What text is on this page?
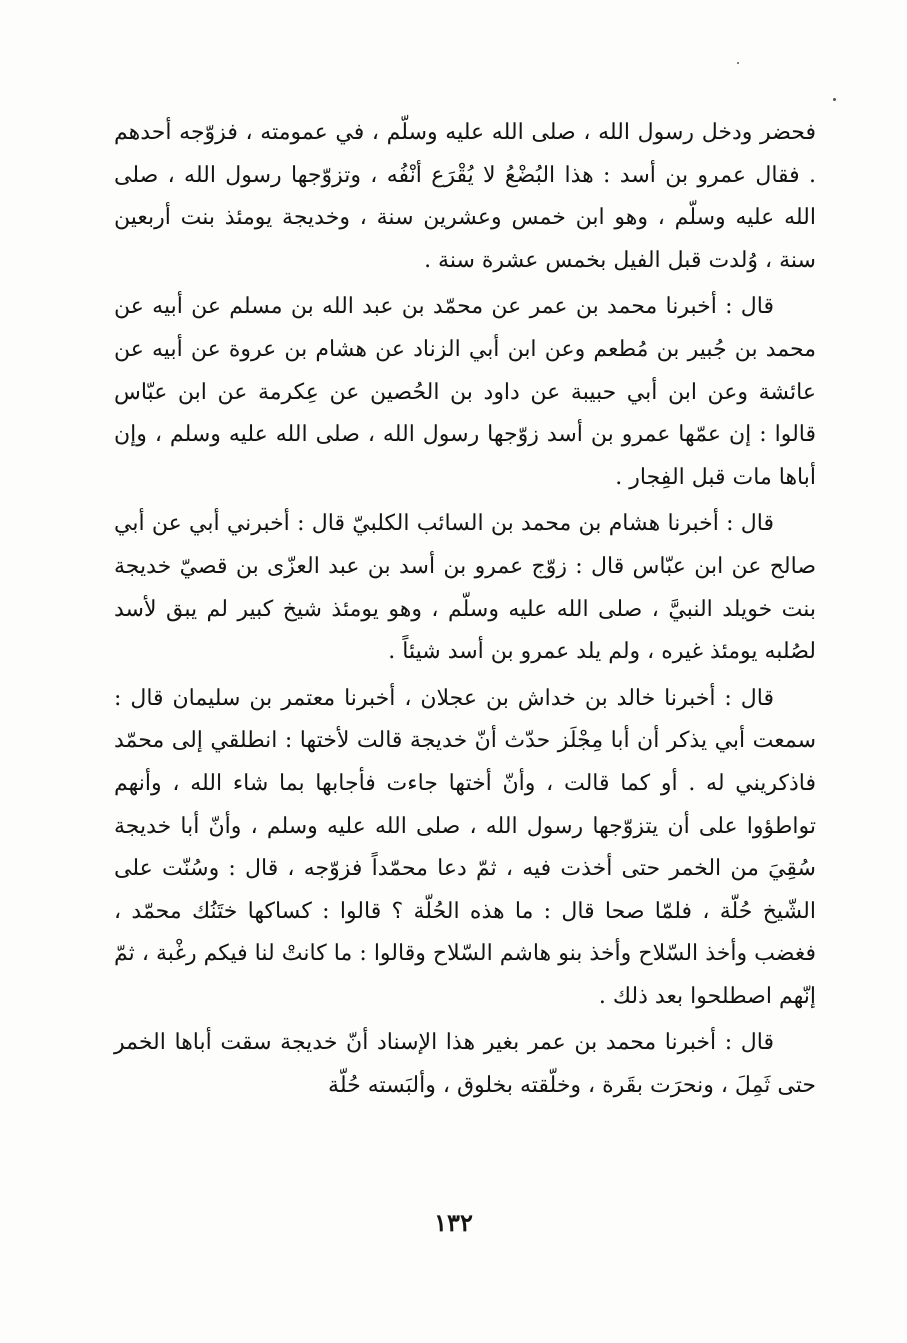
فحضر ودخل رسول الله ، صلى الله عليه وسلّم ، في عمومته ، فزوّجه أحدهم . فقال عمرو بن أسد : هذا البُضْعُ لا يُقْرَع أنْفُه ، وتزوّجها رسول الله ، صلى الله عليه وسلّم ، وهو ابن خمس وعشرين سنة ، وخديجة يومئذ بنت أربعين سنة ، وُلدت قبل الفيل بخمس عشرة سنة .

قال : أخبرنا محمد بن عمر عن محمّد بن عبد الله بن مسلم عن أبيه عن محمد بن جُبير بن مُطعم وعن ابن أبي الزناد عن هشام بن عروة عن أبيه عن عائشة وعن ابن أبي حبيبة عن داود بن الحُصين عن عِكرمة عن ابن عبّاس قالوا : إن عمّها عمرو بن أسد زوّجها رسول الله ، صلى الله عليه وسلم ، وإن أباها مات قبل الفِجار .

قال : أخبرنا هشام بن محمد بن السائب الكلبيّ قال : أخبرني أبي عن أبي صالح عن ابن عبّاس قال : زوّج عمرو بن أسد بن عبد العزّى بن قصيّ خديجة بنت خويلد النبيَّ ، صلى الله عليه وسلّم ، وهو يومئذ شيخ كبير لم يبق لأسد لصُلبه يومئذ غيره ، ولم يلد عمرو بن أسد شيئاً .

قال : أخبرنا خالد بن خداش بن عجلان ، أخبرنا معتمر بن سليمان قال : سمعت أبي يذكر أن أبا مِجْلَز حدّث أنّ خديجة قالت لأختها : انطلقي إلى محمّد فاذكريني له . أو كما قالت ، وأنّ أختها جاءت فأجابها بما شاء الله ، وأنهم تواطؤوا على أن يتزوّجها رسول الله ، صلى الله عليه وسلم ، وأنّ أبا خديجة سُقِيَ من الخمر حتى أخذت فيه ، ثمّ دعا محمّداً فزوّجه ، قال : وسُنّت على الشّيخ حُلّة ، فلمّا صحا قال : ما هذه الحُلّة ؟ قالوا : كساكها ختَنُك محمّد ، فغضب وأخذ السّلاح وأخذ بنو هاشم السّلاح وقالوا : ما كانتْ لنا فيكم رغْبة ، ثمّ إنّهم اصطلحوا بعد ذلك .

قال : أخبرنا محمد بن عمر بغير هذا الإسناد أنّ خديجة سقت أباها الخمر حتى ثَمِلَ ، ونحرَت بقَرة ، وخلّقته بخلوق ، وألبَسته حُلّة

١٣٢
